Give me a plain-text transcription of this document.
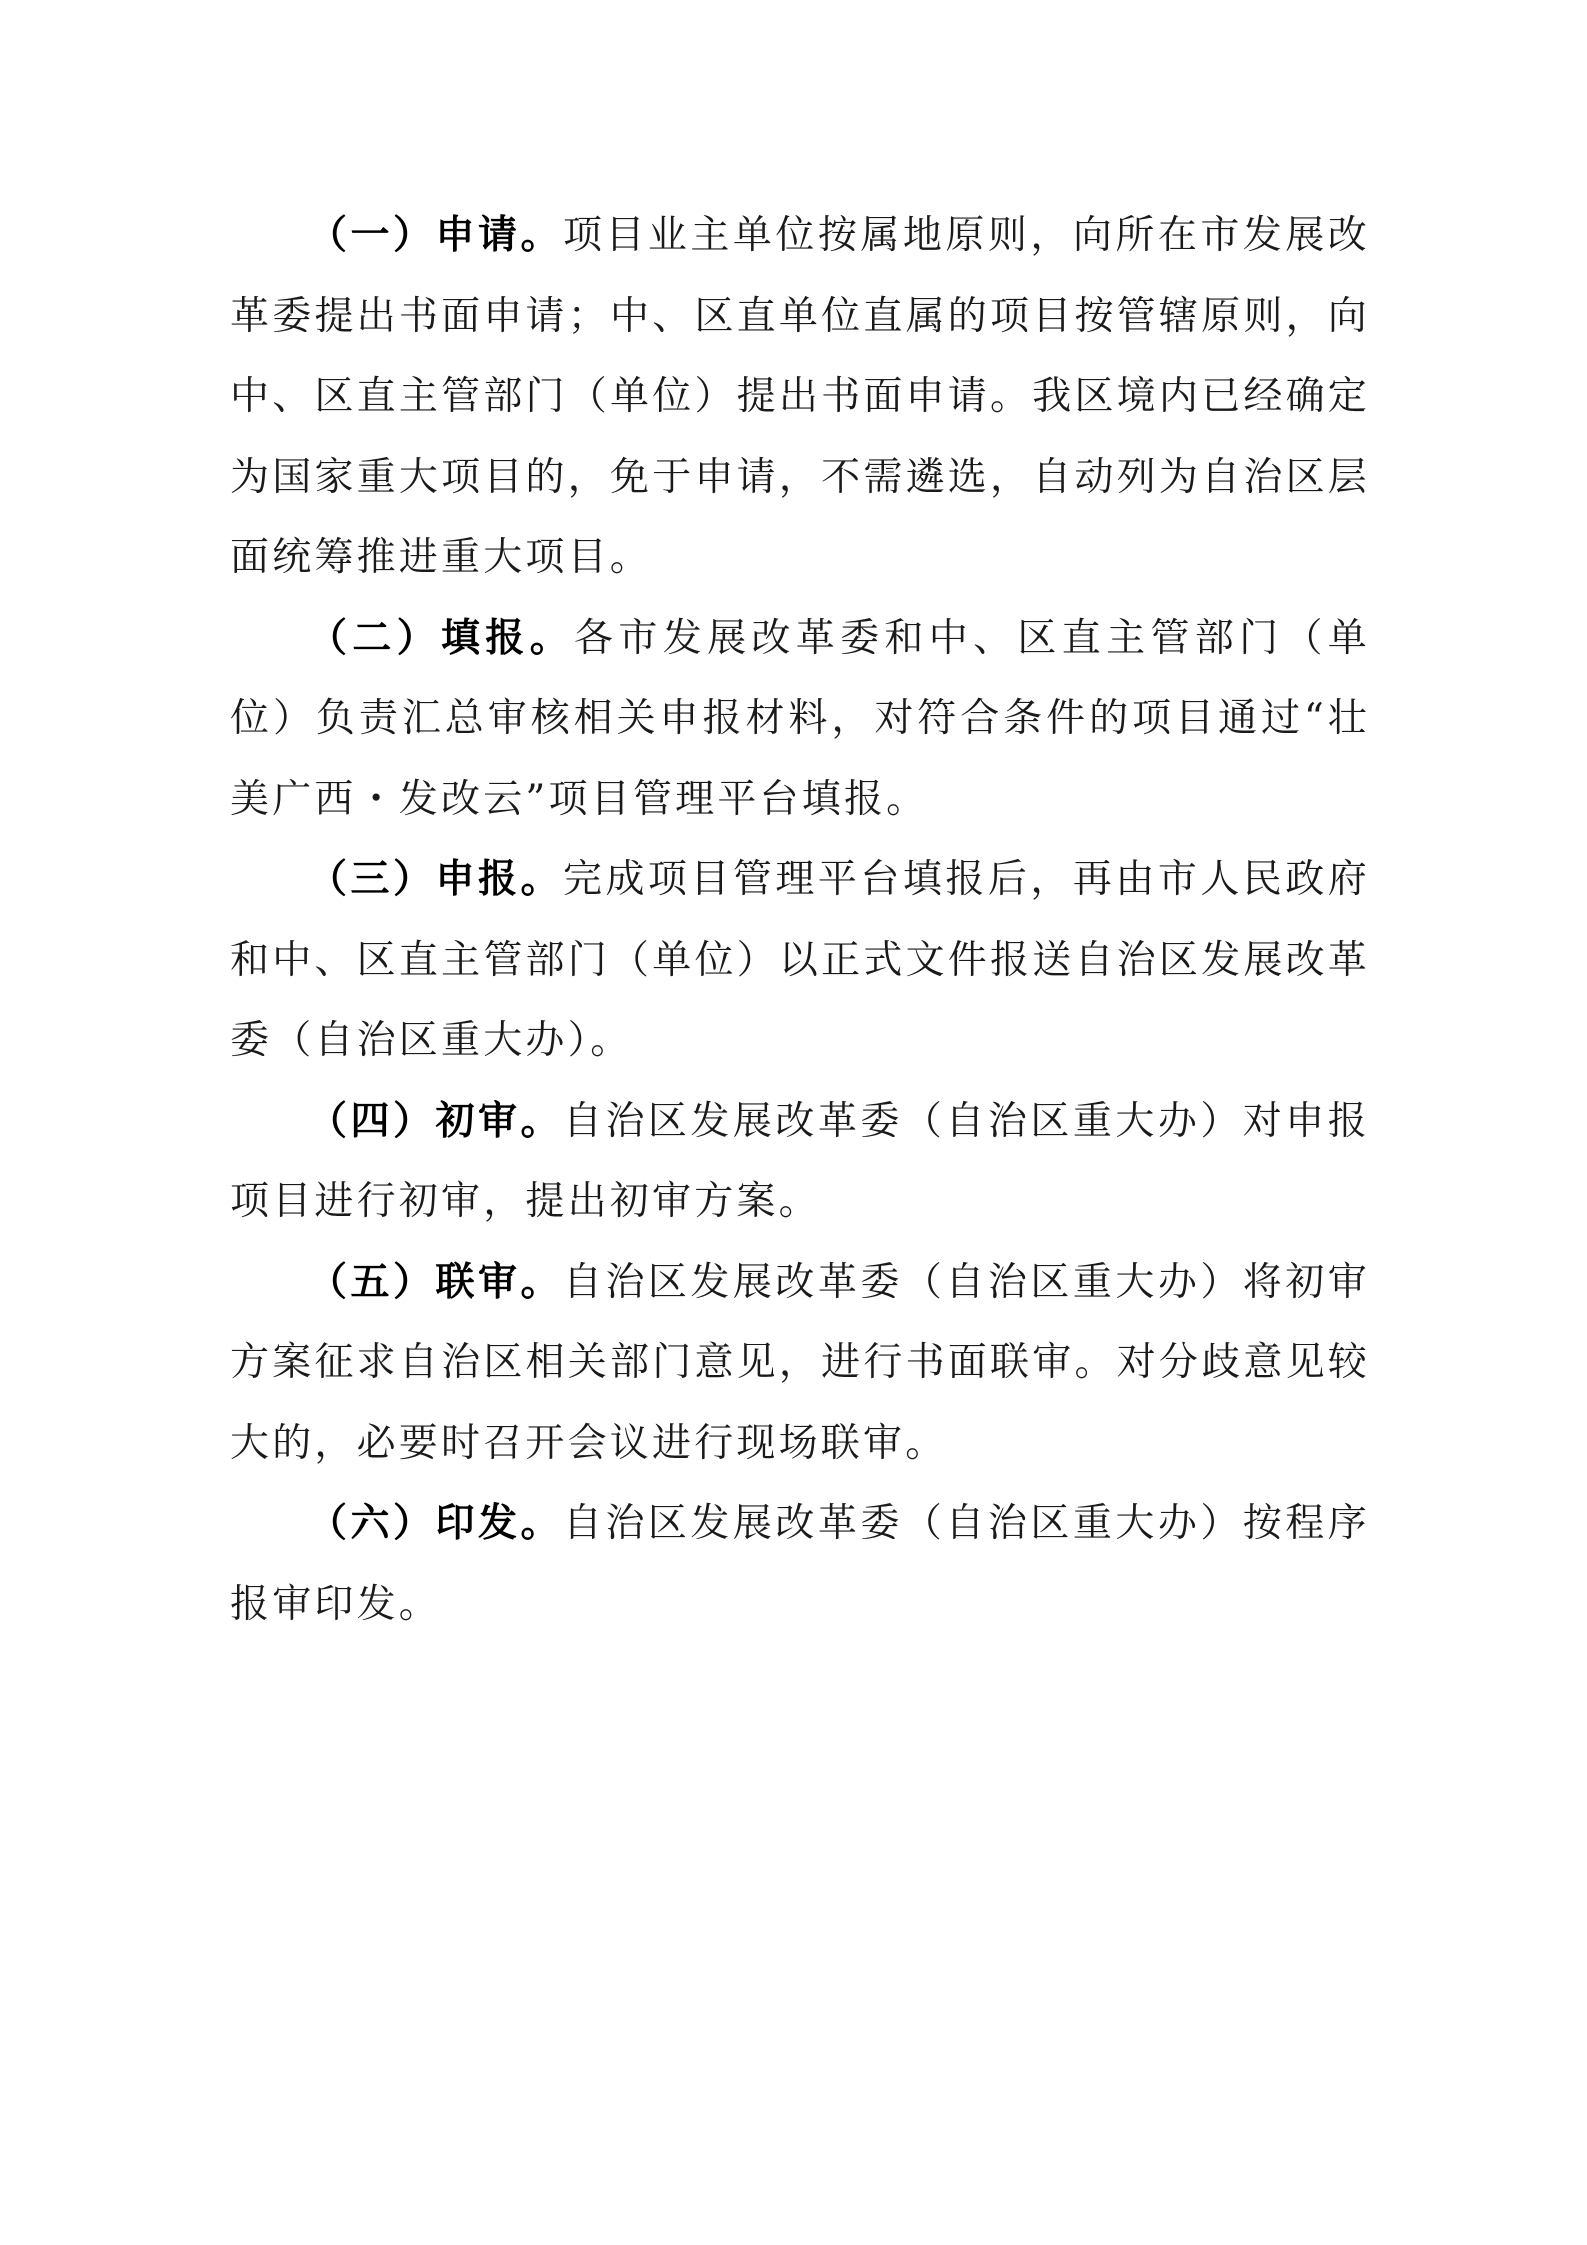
（一）申请。项目业主单位按属地原则，向所在市发展改革委提出书面申请；中、区直单位直属的项目按管辖原则，向中、区直主管部门（单位）提出书面申请。我区境内已经确定为国家重大项目的，免于申请，不需遴选，自动列为自治区层面统筹推进重大项目。

（二）填报。各市发展改革委和中、区直主管部门（单位）负责汇总审核相关申报材料，对符合条件的项目通过“壮美广西・发改云”项目管理平台填报。

（三）申报。完成项目管理平台填报后，再由市人民政府和中、区直主管部门（单位）以正式文件报送自治区发展改革委（自治区重大办）。

（四）初审。自治区发展改革委（自治区重大办）对申报项目进行初审，提出初审方案。

（五）联审。自治区发展改革委（自治区重大办）将初审方案征求自治区相关部门意见，进行书面联审。对分歧意见较大的，必要时召开会议进行现场联审。

（六）印发。自治区发展改革委（自治区重大办）按程序报审印发。
